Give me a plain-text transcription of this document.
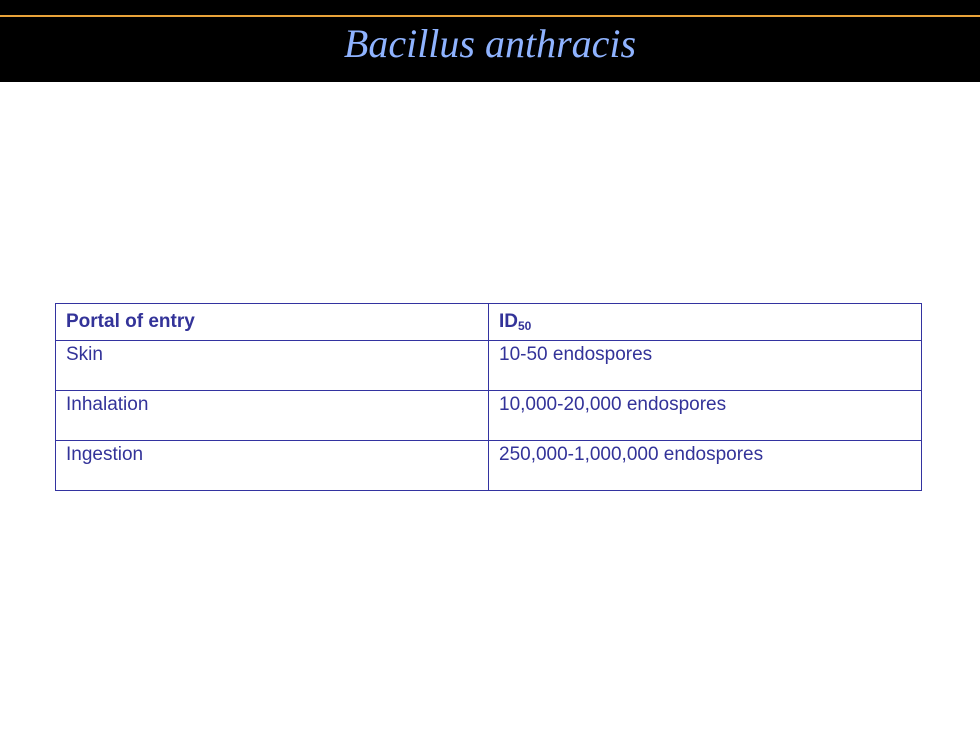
Bacillus anthracis
Portal of entry	$ID_{50}$
Skin	10-50 endospores
Inhalation	10,000-20,000 endospores
Ingestion	250,000-1,000,000 endospores
